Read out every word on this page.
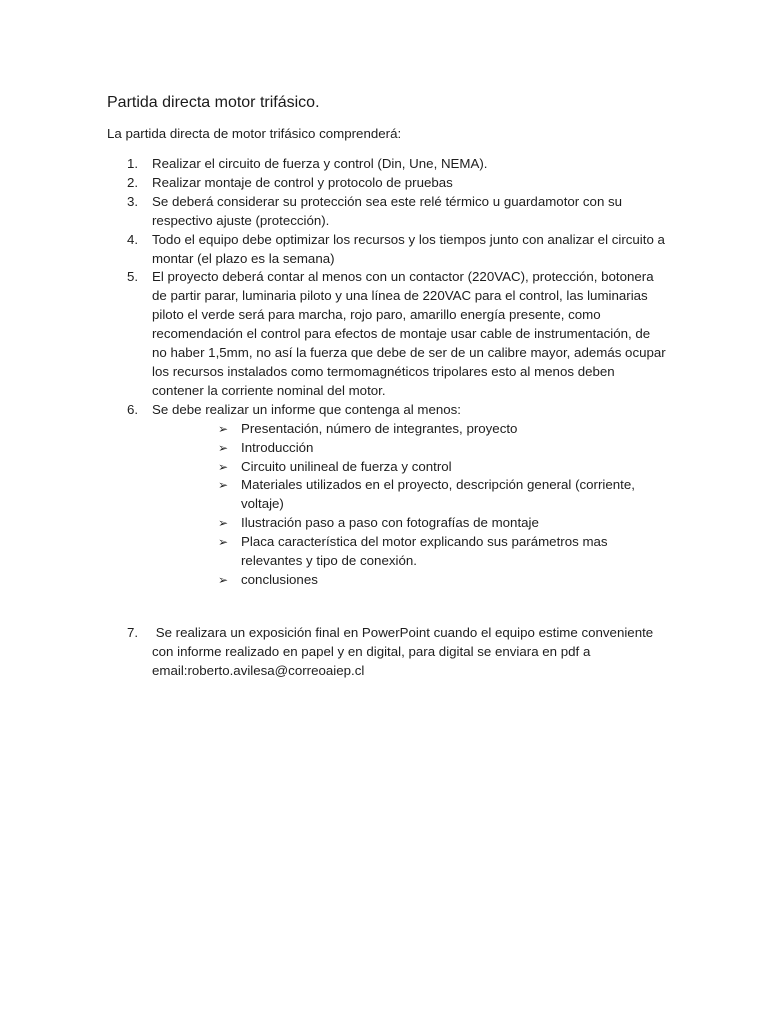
Partida directa motor trifásico.
La partida directa de motor trifásico comprenderá:
1. Realizar el circuito de fuerza y control (Din, Une, NEMA).
2. Realizar montaje de control y protocolo de pruebas
3. Se deberá considerar su protección sea este relé térmico u guardamotor con su respectivo ajuste (protección).
4. Todo el equipo debe optimizar los recursos y los tiempos junto con analizar el circuito a montar (el plazo es la semana)
5. El proyecto deberá contar al menos con un contactor (220VAC), protección, botonera de partir parar, luminaria piloto y una línea de 220VAC para el control, las luminarias piloto el verde será para marcha, rojo paro, amarillo energía presente, como recomendación el control para efectos de montaje usar cable de instrumentación, de no haber 1,5mm, no así la fuerza que debe de ser de un calibre mayor, además ocupar los recursos instalados como termomagnéticos tripolares esto al menos deben contener la corriente nominal del motor.
6. Se debe realizar un informe que contenga al menos:
➢ Presentación, número de integrantes, proyecto
➢ Introducción
➢ Circuito unilineal de fuerza y control
➢ Materiales utilizados en el proyecto, descripción general (corriente, voltaje)
➢ Ilustración paso a paso con fotografías de montaje
➢ Placa característica del motor explicando sus parámetros mas relevantes y tipo de conexión.
➢ conclusiones
7. Se realizara un exposición final en PowerPoint cuando el equipo estime conveniente con informe realizado en papel y en digital, para digital se enviara en pdf a email:roberto.avilesa@correoaiep.cl
